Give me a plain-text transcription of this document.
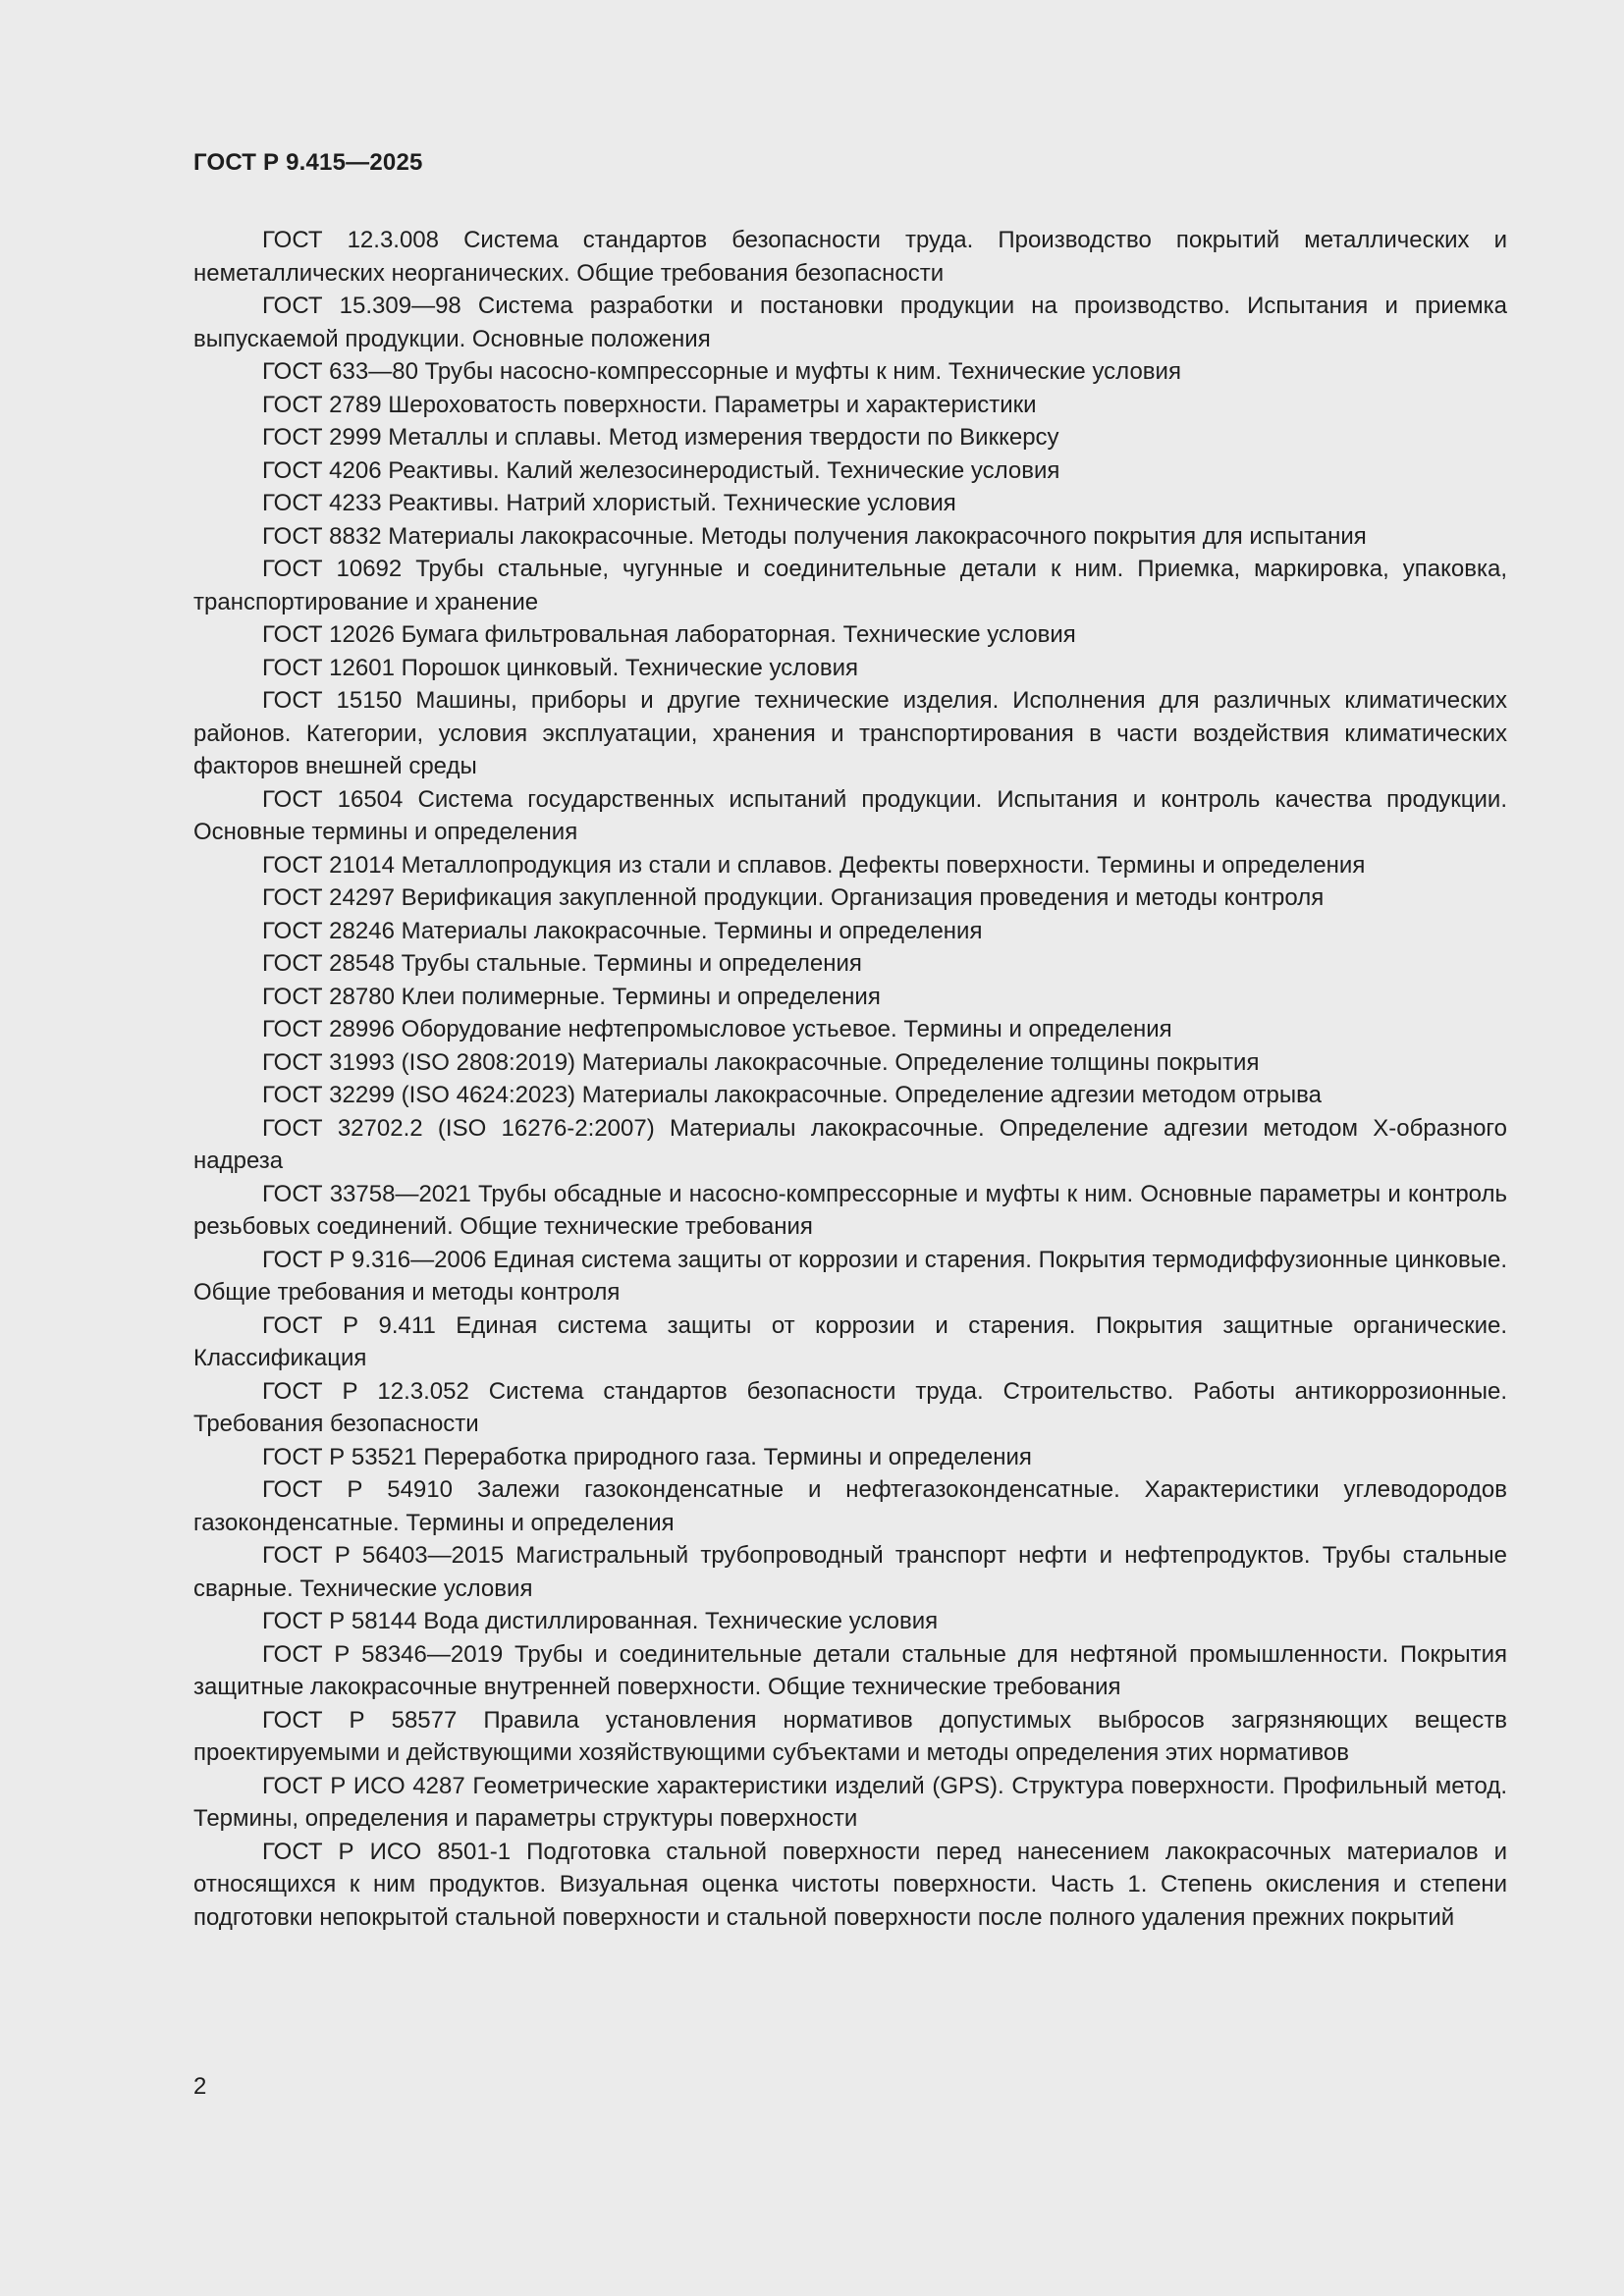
ГОСТ Р 9.415—2025
ГОСТ 12.3.008 Система стандартов безопасности труда. Производство покрытий металлических и неметаллических неорганических. Общие требования безопасности
ГОСТ 15.309—98 Система разработки и постановки продукции на производство. Испытания и приемка выпускаемой продукции. Основные положения
ГОСТ 633—80 Трубы насосно-компрессорные и муфты к ним. Технические условия
ГОСТ 2789 Шероховатость поверхности. Параметры и характеристики
ГОСТ 2999 Металлы и сплавы. Метод измерения твердости по Виккерсу
ГОСТ 4206 Реактивы. Калий железосинеродистый. Технические условия
ГОСТ 4233 Реактивы. Натрий хлористый. Технические условия
ГОСТ 8832 Материалы лакокрасочные. Методы получения лакокрасочного покрытия для испытания
ГОСТ 10692 Трубы стальные, чугунные и соединительные детали к ним. Приемка, маркировка, упаковка, транспортирование и хранение
ГОСТ 12026 Бумага фильтровальная лабораторная. Технические условия
ГОСТ 12601 Порошок цинковый. Технические условия
ГОСТ 15150 Машины, приборы и другие технические изделия. Исполнения для различных климатических районов. Категории, условия эксплуатации, хранения и транспортирования в части воздействия климатических факторов внешней среды
ГОСТ 16504 Система государственных испытаний продукции. Испытания и контроль качества продукции. Основные термины и определения
ГОСТ 21014 Металлопродукция из стали и сплавов. Дефекты поверхности. Термины и определения
ГОСТ 24297 Верификация закупленной продукции. Организация проведения и методы контроля
ГОСТ 28246 Материалы лакокрасочные. Термины и определения
ГОСТ 28548 Трубы стальные. Термины и определения
ГОСТ 28780 Клеи полимерные. Термины и определения
ГОСТ 28996 Оборудование нефтепромысловое устьевое. Термины и определения
ГОСТ 31993 (ISO 2808:2019) Материалы лакокрасочные. Определение толщины покрытия
ГОСТ 32299 (ISO 4624:2023) Материалы лакокрасочные. Определение адгезии методом отрыва
ГОСТ 32702.2 (ISO 16276-2:2007) Материалы лакокрасочные. Определение адгезии методом Х-образного надреза
ГОСТ 33758—2021 Трубы обсадные и насосно-компрессорные и муфты к ним. Основные параметры и контроль резьбовых соединений. Общие технические требования
ГОСТ Р 9.316—2006 Единая система защиты от коррозии и старения. Покрытия термодиффузионные цинковые. Общие требования и методы контроля
ГОСТ Р 9.411 Единая система защиты от коррозии и старения. Покрытия защитные органические. Классификация
ГОСТ Р 12.3.052 Система стандартов безопасности труда. Строительство. Работы антикоррозионные. Требования безопасности
ГОСТ Р 53521 Переработка природного газа. Термины и определения
ГОСТ Р 54910 Залежи газоконденсатные и нефтегазоконденсатные. Характеристики углеводородов газоконденсатные. Термины и определения
ГОСТ Р 56403—2015 Магистральный трубопроводный транспорт нефти и нефтепродуктов. Трубы стальные сварные. Технические условия
ГОСТ Р 58144 Вода дистиллированная. Технические условия
ГОСТ Р 58346—2019 Трубы и соединительные детали стальные для нефтяной промышленности. Покрытия защитные лакокрасочные внутренней поверхности. Общие технические требования
ГОСТ Р 58577 Правила установления нормативов допустимых выбросов загрязняющих веществ проектируемыми и действующими хозяйствующими субъектами и методы определения этих нормативов
ГОСТ Р ИСО 4287 Геометрические характеристики изделий (GPS). Структура поверхности. Профильный метод. Термины, определения и параметры структуры поверхности
ГОСТ Р ИСО 8501-1 Подготовка стальной поверхности перед нанесением лакокрасочных материалов и относящихся к ним продуктов. Визуальная оценка чистоты поверхности. Часть 1. Степень окисления и степени подготовки непокрытой стальной поверхности и стальной поверхности после полного удаления прежних покрытий
2
